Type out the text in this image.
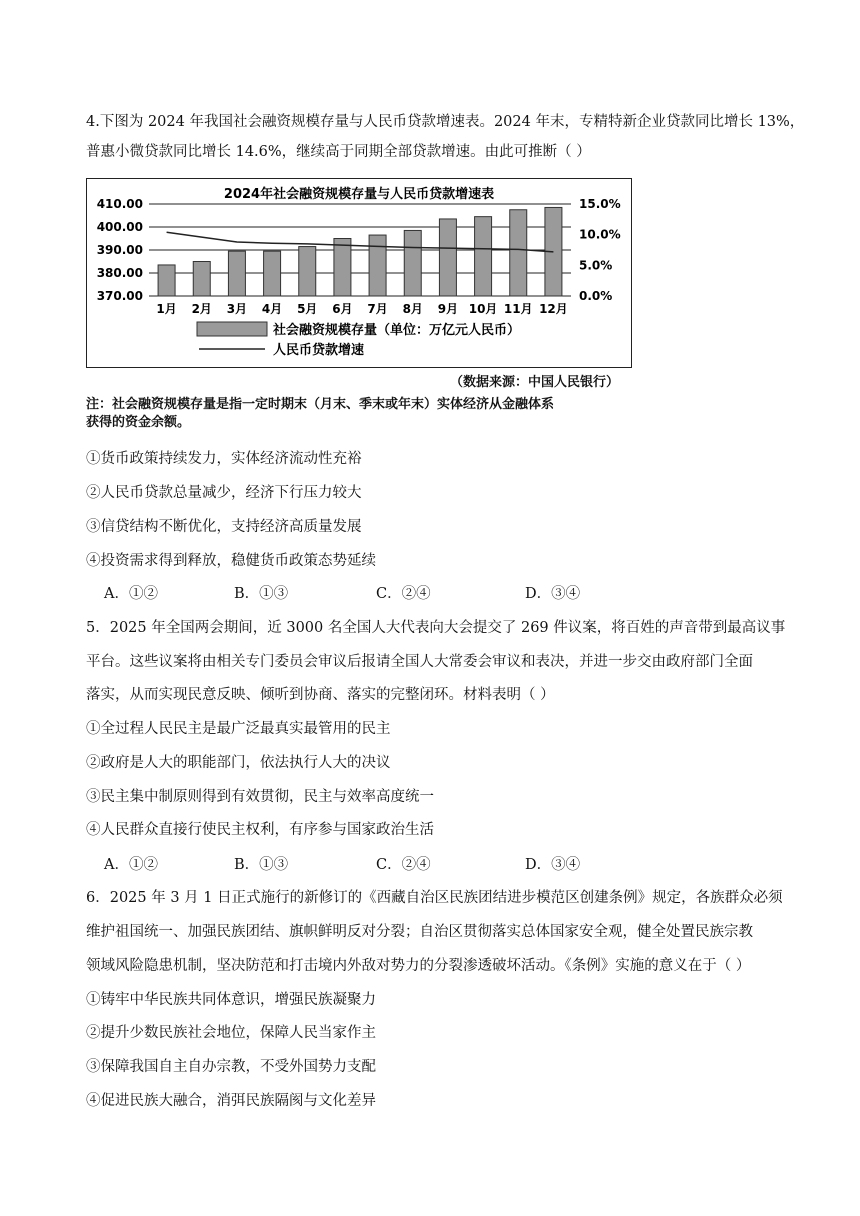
4.下图为 2024 年我国社会融资规模存量与人民币贷款增速表。2024 年末，专精特新企业贷款同比增长 13%，
普惠小微贷款同比增长 14.6%，继续高于同期全部贷款增速。由此可推断（ ）
2024年社会融资规模存量与人民币贷款增速表
410.00
400.00
390.00
380.00
370.00
15.0%
10.0%
5.0%
0.0%
1月 2月 3月 4月 5月 6月 7月 8月 9月 10月 11月 12月
社会融资规模存量（单位：万亿元人民币）
人民币贷款增速
（数据来源：中国人民银行）
注：社会融资规模存量是指一定时期末（月末、季末或年末）实体经济从金融体系
获得的资金余额。
①货币政策持续发力，实体经济流动性充裕
②人民币贷款总量减少，经济下行压力较大
③信贷结构不断优化，支持经济高质量发展
④投资需求得到释放，稳健货币政策态势延续
A．①②	B．①③	C．②④	D．③④
5．2025 年全国两会期间，近 3000 名全国人大代表向大会提交了 269 件议案，将百姓的声音带到最高议事
平台。这些议案将由相关专门委员会审议后报请全国人大常委会审议和表决，并进一步交由政府部门全面
落实，从而实现民意反映、倾听到协商、落实的完整闭环。材料表明（ ）
①全过程人民民主是最广泛最真实最管用的民主
②政府是人大的职能部门，依法执行人大的决议
③民主集中制原则得到有效贯彻，民主与效率高度统一
④人民群众直接行使民主权利，有序参与国家政治生活
A．①②	B．①③	C．②④	D．③④
6．2025 年 3 月 1 日正式施行的新修订的《西藏自治区民族团结进步模范区创建条例》规定，各族群众必须
维护祖国统一、加强民族团结、旗帜鲜明反对分裂；自治区贯彻落实总体国家安全观，健全处置民族宗教
领域风险隐患机制，坚决防范和打击境内外敌对势力的分裂渗透破坏活动。《条例》实施的意义在于（ ）
①铸牢中华民族共同体意识，增强民族凝聚力
②提升少数民族社会地位，保障人民当家作主
③保障我国自主自办宗教，不受外国势力支配
④促进民族大融合，消弭民族隔阂与文化差异
